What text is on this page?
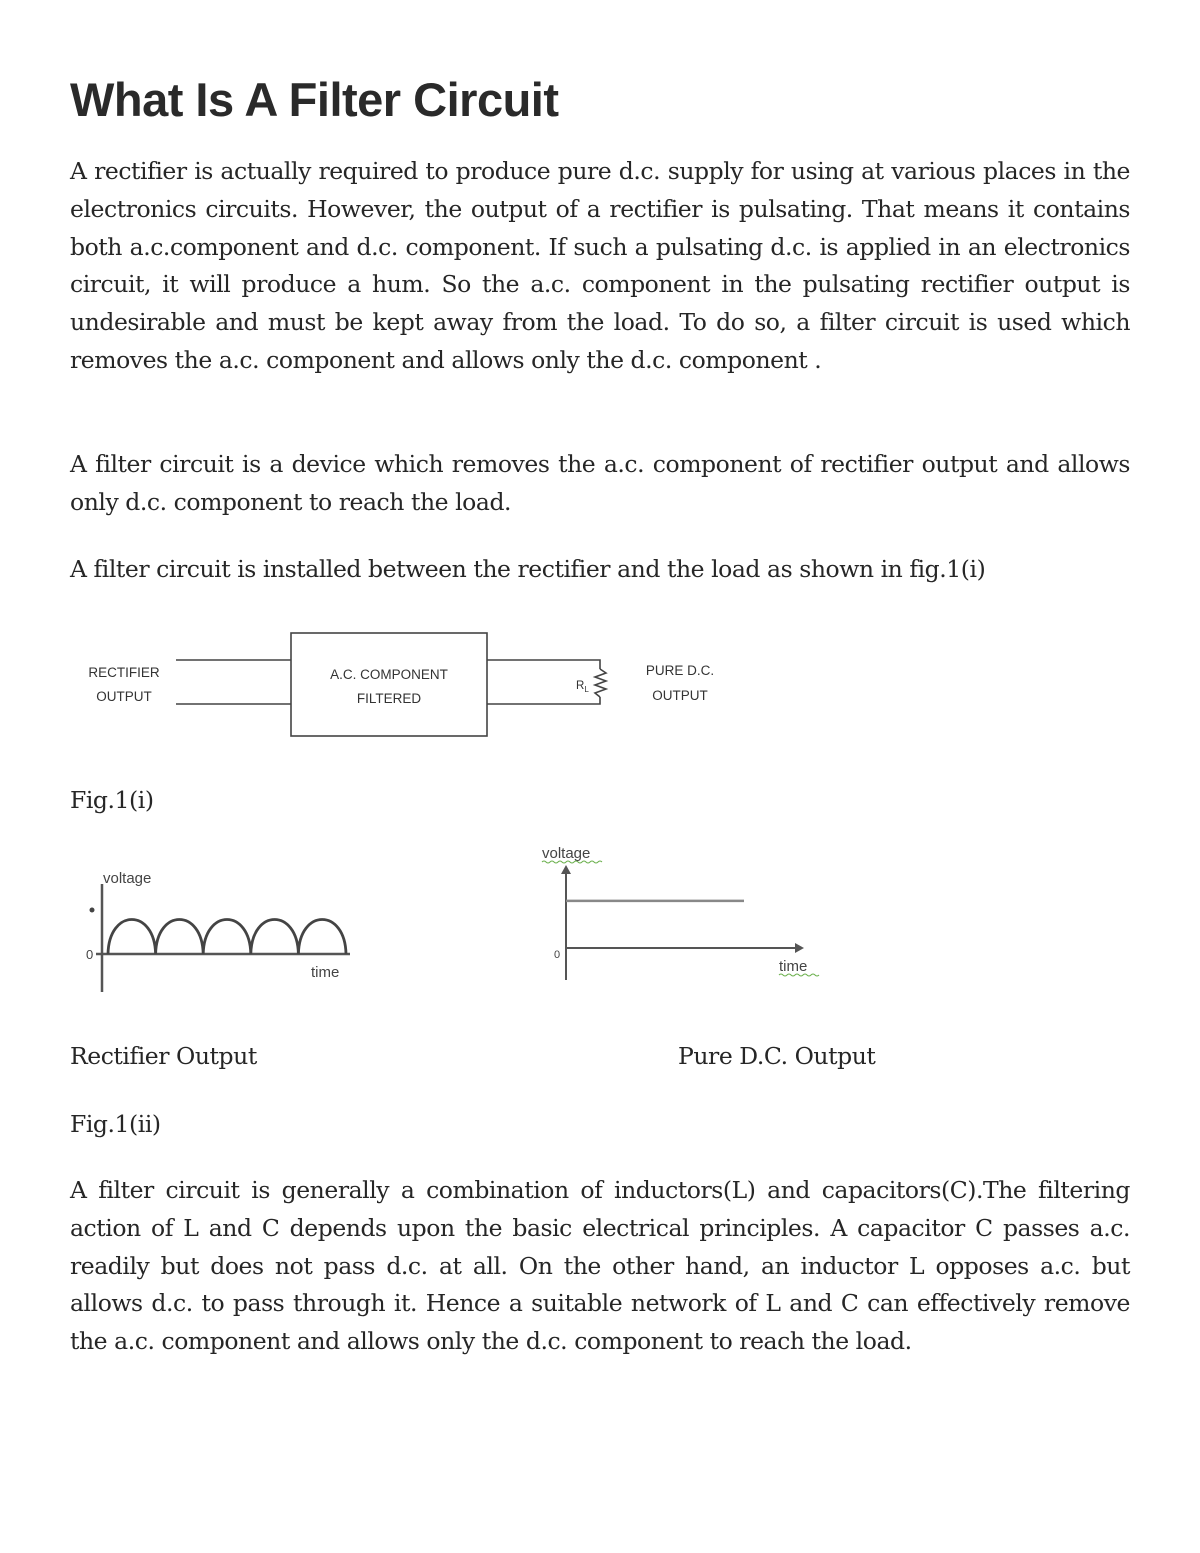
What Is A Filter Circuit

A rectifier is actually required to produce pure d.c. supply for using at various places in the electronics circuits. However, the output of a rectifier is pulsating. That means it contains both a.c.component and d.c. component. If such a pulsating d.c. is applied in an electronics circuit, it will produce a hum. So the a.c. component in the pulsating rectifier output is undesirable and must be kept away from the load. To do so, a filter circuit is used which removes the a.c. component and allows only the d.c. component .

A filter circuit is a device which removes the a.c. component of rectifier output and allows only d.c. component to reach the load.

A filter circuit is installed between the rectifier and the load as shown in fig.1(i)

RECTIFIER
OUTPUT
A.C. COMPONENT
FILTERED
$R_L$
PURE D.C.
OUTPUT

Fig.1(i)

voltage
0
time
voltage
0
time

Rectifier Output	Pure D.C. Output

Fig.1(ii)

A filter circuit is generally a combination of inductors(L) and capacitors(C).The filtering action of L and C depends upon the basic electrical principles. A capacitor C passes a.c. readily but does not pass d.c. at all. On the other hand, an inductor L opposes a.c. but allows d.c. to pass through it. Hence a suitable network of L and C can effectively remove the a.c. component and allows only the d.c. component to reach the load.
